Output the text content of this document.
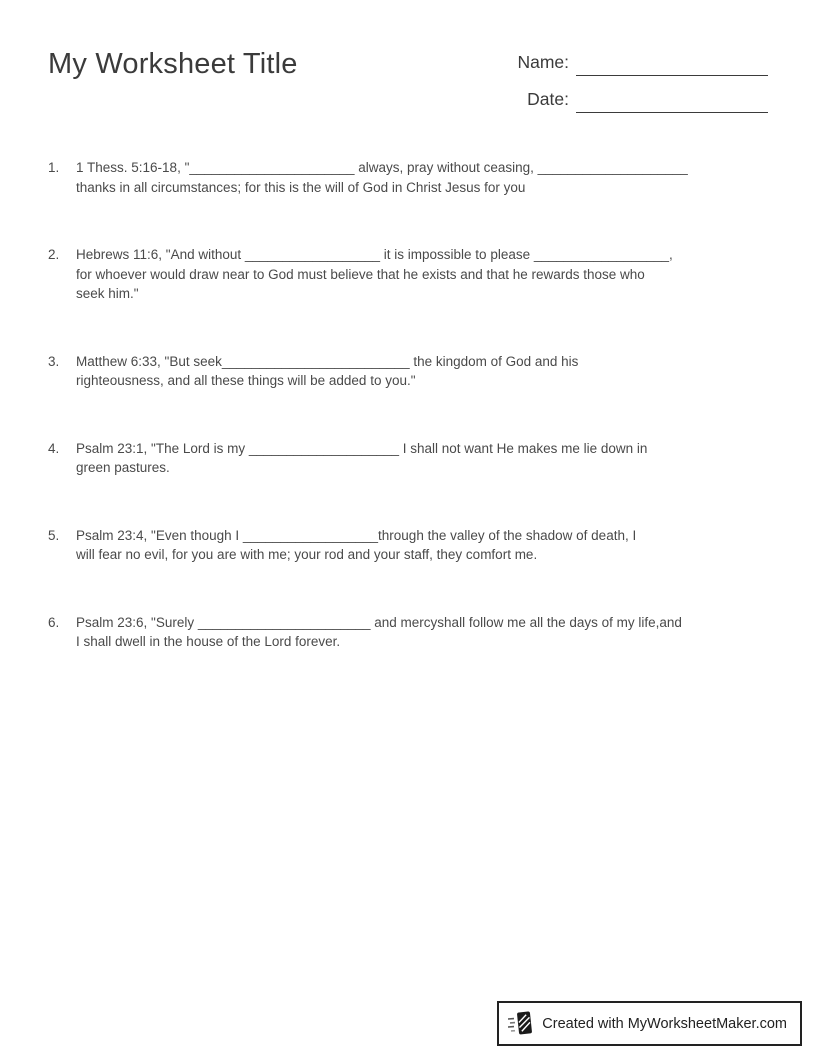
My Worksheet Title	Name:
Date:
1.	1 Thess. 5:16-18, "______________________ always, pray without ceasing, ____________________
thanks in all circumstances; for this is the will of God in Christ Jesus for you
2.	Hebrews 11:6, "And without __________________ it is impossible to please __________________,
for whoever would draw near to God must believe that he exists and that he rewards those who
seek him."
3.	Matthew 6:33, "But seek_________________________ the kingdom of God and his
righteousness, and all these things will be added to you."
4.	Psalm 23:1, "The Lord is my ____________________ I shall not want He makes me lie down in
green pastures.
5.	Psalm 23:4, "Even though I __________________through the valley of the shadow of death, I
will fear no evil, for you are with me; your rod and your staff, they comfort me.
6.	Psalm 23:6, "Surely _______________________ and mercyshall follow me all the days of my life,and
I shall dwell in the house of the Lord forever.
Created with MyWorksheetMaker.com
